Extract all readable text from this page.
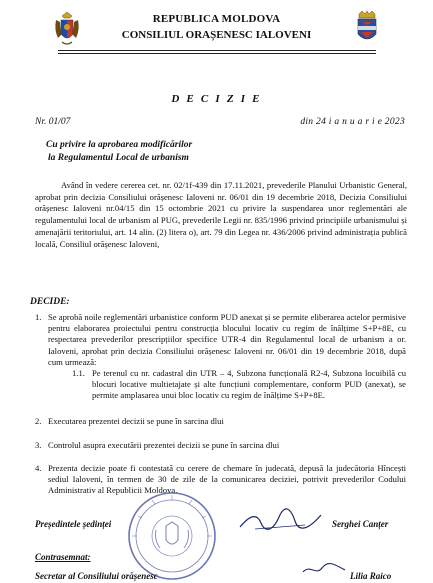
REPUBLICA MOLDOVA
CONSILIUL ORAȘENESC IALOVENI
D E C I Z I E
Nr. 01/07	din 24 i a n u a r i e 2023
Cu privire la aprobarea modificărilor
la Regulamentul Local de urbanism
Având în vedere cererea cet. nr. 02/1f-439 din 17.11.2021, prevederile Planului Urbanistic General, aprobat prin decizia Consiliului orășenesc Ialoveni nr. 06/01 din 19 decembrie 2018, Decizia Consiliului orășenesc Ialoveni nr.04/15 din 15 octombrie 2021 cu privire la suspendarea unor reglementări ale regulamentului local de urbanism al PUG, prevederile Legii nr. 835/1996 privind principiile urbanismului și amenajării teritoriului, art. 14 alin. (2) litera o), art. 79 din Legea nr. 436/2006 privind administrația publică locală, Consiliul orășenesc Ialoveni,
DECIDE:
1. Se aprobă noile reglementări urbanistice conform PUD anexat și se permite eliberarea actelor permisive pentru elaborarea proiectului pentru construcția blocului locativ cu regim de înălțime S+P+8E, cu respectarea prevederilor prescripțiilor specifice UTR-4 din Regulamentul local de urbanism a or. Ialoveni, aprobat prin decizia Consiliului orășenesc Ialoveni nr. 06/01 din 19 decembrie 2018, după cum urmează:
1.1. Pe terenul cu nr. cadastral din UTR – 4, Subzona funcțională R2-4, Subzona locuibilă cu blocuri locative multietajate și alte funcțiuni complementare, conform PUD (anexat), se permite amplasarea unui bloc locativ cu regim de înălțime S+P+8E.
2. Executarea prezentei decizii se pune în sarcina dlui
3. Controlul asupra executării prezentei decizii se pune în sarcina dlui
4. Prezenta decizie poate fi contestată cu cerere de chemare în judecată, depusă la judecătoria Hîncești sediul Ialoveni, în termen de 30 de zile de la comunicarea deciziei, potrivit prevederilor Codului Administrativ al Republicii Moldova.
Președintele ședinței	Serghei Canțer
Contrasemnat:
Secretar al Consiliului orășenesc	Lilia Raico
